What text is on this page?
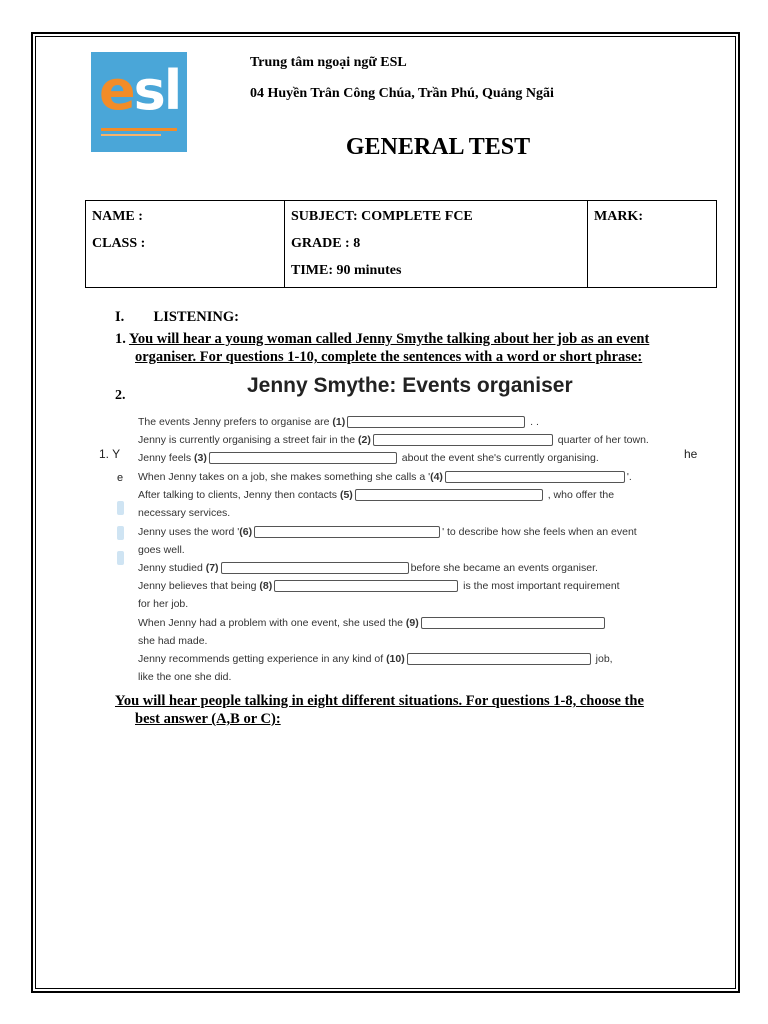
esl	Trung tâm ngoại ngữ ESL
04 Huyền Trân Công Chúa, Trần Phú, Quảng Ngãi
GENERAL TEST
NAME :
CLASS :

SUBJECT: COMPLETE FCE
GRADE : 8
TIME: 90 minutes

MARK:
I. LISTENING:
1. You will hear a young woman called Jenny Smythe talking about her job as an event
organiser. For questions 1-10, complete the sentences with a word or short phrase:
1. Y	he
e
2.	Jenny Smythe: Events organiser
The events Jenny prefers to organise are (1)	. .
Jenny is currently organising a street fair in the (2)	quarter of her town.
Jenny feels (3)	about the event she's currently organising.
When Jenny takes on a job, she makes something she calls a '(4)	'.
After talking to clients, Jenny then contacts (5)	, who offer the
necessary services.
Jenny uses the word '(6)	' to describe how she feels when an event
goes well.
Jenny studied (7)	before she became an events organiser.
Jenny believes that being (8)	is the most important requirement
for her job.
When Jenny had a problem with one event, she used the (9)
she had made.
Jenny recommends getting experience in any kind of (10)	job,
like the one she did.
You will hear people talking in eight different situations. For questions 1-8, choose the
best answer (A,B or C):
